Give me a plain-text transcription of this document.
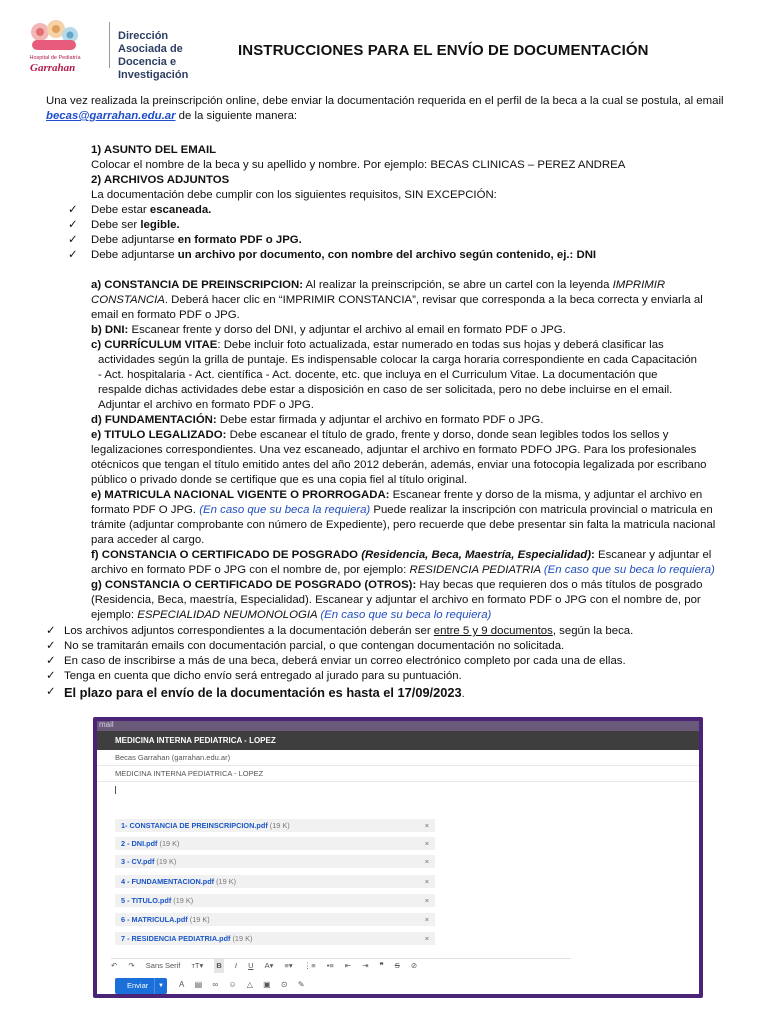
Hospital de Pediatría
Garrahan
Dirección Asociada de
Docencia e Investigación
INSTRUCCIONES PARA EL ENVÍO DE DOCUMENTACIÓN

Una vez realizada la preinscripción online, debe enviar la documentación requerida en el perfil de la beca a la cual se postula, al email becas@garrahan.edu.ar de la siguiente manera:

1) ASUNTO DEL EMAIL
Colocar el nombre de la beca y su apellido y nombre. Por ejemplo: BECAS CLINICAS – PEREZ ANDREA
2) ARCHIVOS ADJUNTOS
La documentación debe cumplir con los siguientes requisitos, SIN EXCEPCIÓN:
✓ Debe estar escaneada.
✓ Debe ser legible.
✓ Debe adjuntarse en formato PDF o JPG.
✓ Debe adjuntarse un archivo por documento, con nombre del archivo según contenido, ej.: DNI
a) CONSTANCIA DE PREINSCRIPCION: Al realizar la preinscripción, se abre un cartel con la leyenda IMPRIMIR CONSTANCIA. Deberá hacer clic en “IMPRIMIR CONSTANCIA”, revisar que corresponda a la beca correcta y enviarla al email en formato PDF o JPG.
b) DNI: Escanear frente y dorso del DNI, y adjuntar el archivo al email en formato PDF o JPG.
c) CURRÍCULUM VITAE: Debe incluir foto actualizada, estar numerado en todas sus hojas y deberá clasificar las
actividades según la grilla de puntaje. Es indispensable colocar la carga horaria correspondiente en cada Capacitación
- Act. hospitalaria - Act. científica - Act. docente, etc. que incluya en el Curriculum Vitae. La documentación que
respalde dichas actividades debe estar a disposición en caso de ser solicitada, pero no debe incluirse en el email.
Adjuntar el archivo en formato PDF o JPG.
d) FUNDAMENTACIÓN: Debe estar firmada y adjuntar el archivo en formato PDF o JPG.
e) TITULO LEGALIZADO: Debe escanear el título de grado, frente y dorso, donde sean legibles todos los sellos y legalizaciones correspondientes. Una vez escaneado, adjuntar el archivo en formato PDFO JPG. Para los profesionales otécnicos que tengan el título emitido antes del año 2012 deberán, además, enviar una fotocopia legalizada por escribano público o privado donde se certifique que es una copia fiel al título original.
e) MATRICULA NACIONAL VIGENTE O PRORROGADA: Escanear frente y dorso de la misma, y adjuntar el archivo en formato PDF O JPG. (En caso que su beca la requiera) Puede realizar la inscripción con matricula provincial o matricula en trámite (adjuntar comprobante con número de Expediente), pero recuerde que debe presentar sin falta la matricula nacional para acceder al cargo.
f) CONSTANCIA O CERTIFICADO DE POSGRADO (Residencia, Beca, Maestría, Especialidad): Escanear y adjuntar el archivo en formato PDF o JPG con el nombre de, por ejemplo: RESIDENCIA PEDIATRIA (En caso que su beca lo requiera)
g) CONSTANCIA O CERTIFICADO DE POSGRADO (OTROS): Hay becas que requieren dos o más títulos de posgrado (Residencia, Beca, maestría, Especialidad). Escanear y adjuntar el archivo en formato PDF o JPG con el nombre de, por ejemplo: ESPECIALIDAD NEUMONOLOGIA (En caso que su beca lo requiera)
✓ Los archivos adjuntos correspondientes a la documentación deberán ser entre 5 y 9 documentos, según la beca.
✓ No se tramitarán emails con documentación parcial, o que contengan documentación no solicitada.
✓ En caso de inscribirse a más de una beca, deberá enviar un correo electrónico completo por cada una de ellas.
✓ Tenga en cuenta que dicho envío será entregado al jurado para su puntuación.
✓ El plazo para el envío de la documentación es hasta el 17/09/2023.
mail
MEDICINA INTERNA PEDIATRICA - LOPEZ
Becas Garrahan (garrahan.edu.ar)
MEDICINA INTERNA PEDIATRICA - LOPEZ
1- CONSTANCIA DE PREINSCRIPCION.pdf (19 K)	×
2 - DNI.pdf (19 K)	×
3 - CV.pdf (19 K)	×
4 - FUNDAMENTACION.pdf (19 K)	×
5 - TITULO.pdf (19 K)	×
6 - MATRICULA.pdf (19 K)	×
7 - RESIDENCIA PEDIATRIA.pdf (19 K)	×
↶ ↷ Sans Serif тT▾ B I U A▾ ≡▾ ⋮≡ •≡ ⇤ ⇥ ❞ S ⊘
Enviar	▼	A ▤ ∞ ☺ △ ▣ ⊙ ✎
